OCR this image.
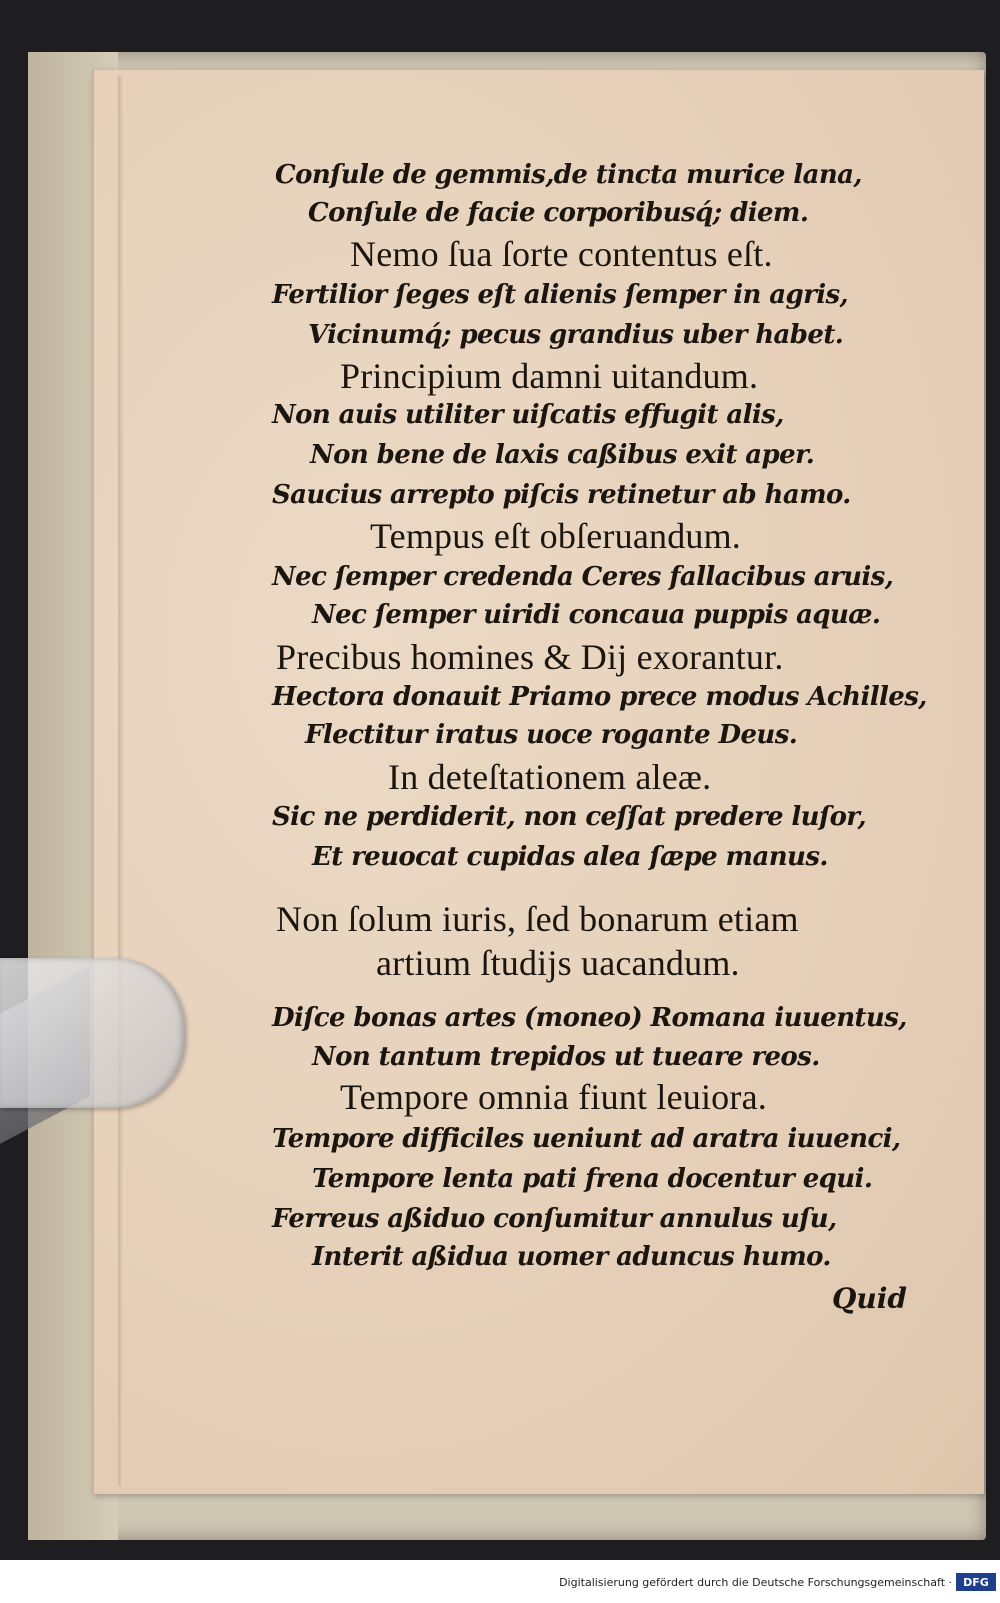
Conſule de gemmis,de tincta murice lana,
Conſule de facie corporibusq́; diem.
Nemo ſua ſorte contentus eſt.
Fertilior ſeges eſt alienis ſemper in agris,
Vicinumq́; pecus grandius uber habet.
Principium damni uitandum.
Non auis utiliter uiſcatis effugit alis,
Non bene de laxis caßibus exit aper.
Saucius arrepto piſcis retinetur ab hamo.
Tempus eſt obſeruandum.
Nec ſemper credenda Ceres fallacibus aruis,
Nec ſemper uiridi concaua puppis aquæ.
Precibus homines & Dij exorantur.
Hectora donauit Priamo prece modus Achilles,
Flectitur iratus uoce rogante Deus.
In deteſtationem aleæ.
Sic ne perdiderit, non ceſſat predere luſor,
Et reuocat cupidas alea ſæpe manus.
Non ſolum iuris, ſed bonarum etiam
artium ſtudijs uacandum.
Diſce bonas artes (moneo) Romana iuuentus,
Non tantum trepidos ut tueare reos.
Tempore omnia fiunt leuiora.
Tempore difficiles ueniunt ad aratra iuuenci,
Tempore lenta pati frena docentur equi.
Ferreus aßiduo conſumitur annulus uſu,
Interit aßidua uomer aduncus humo.
Quid
Digitalisierung gefördert durch die Deutsche Forschungsgemeinschaft ·	DFG
